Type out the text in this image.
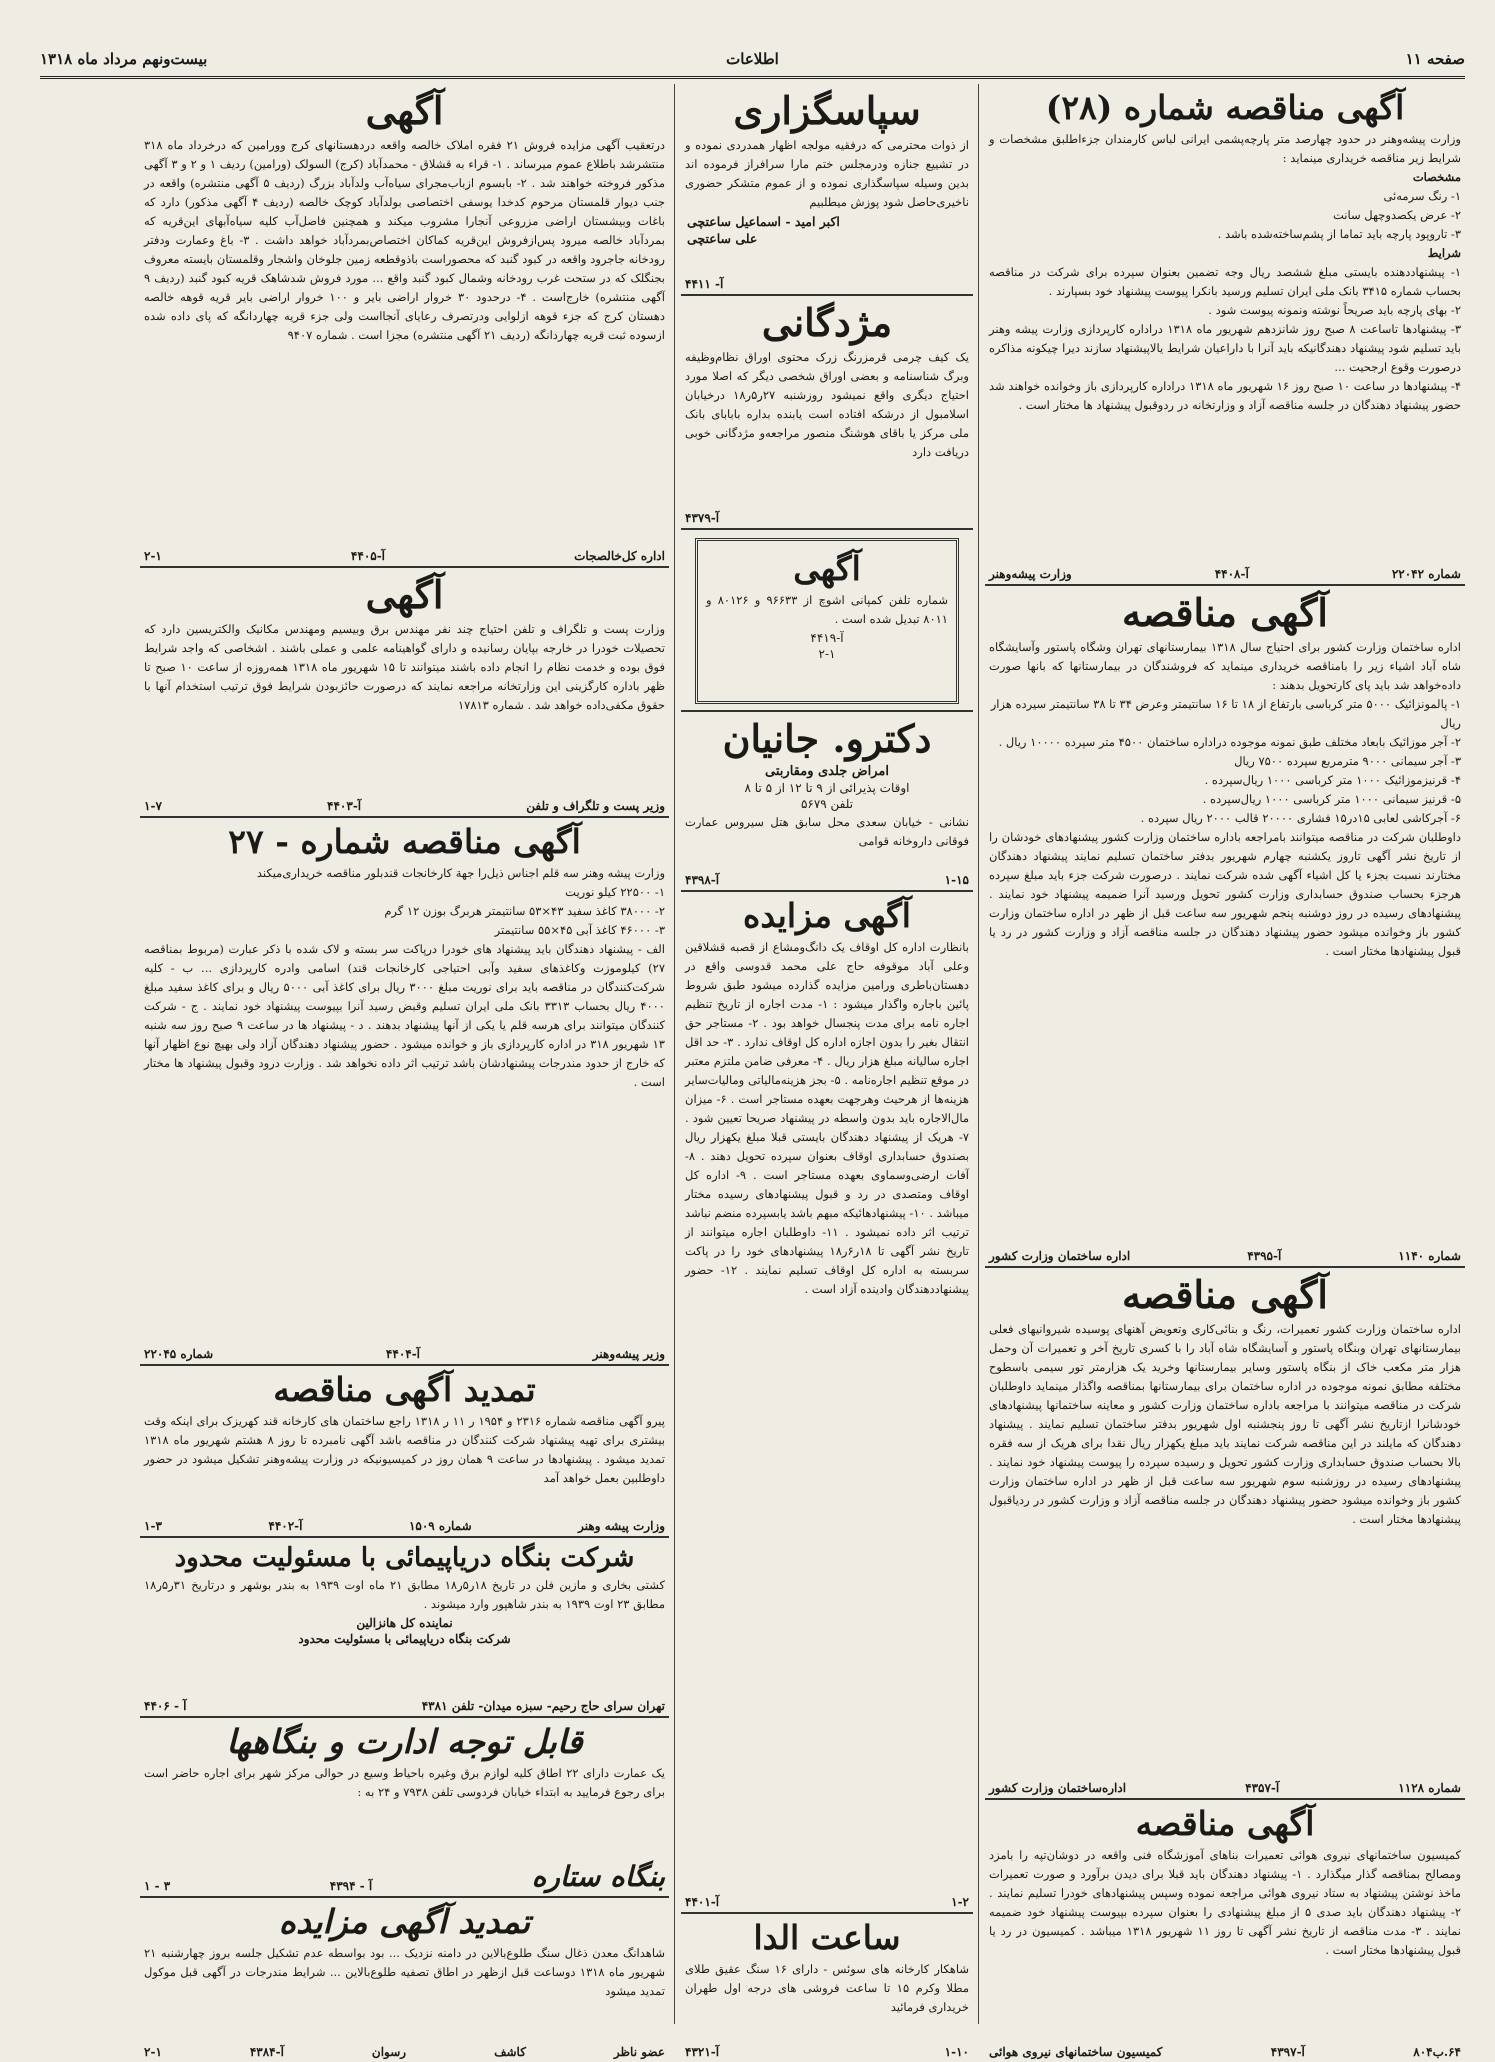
صفحه ۱۱
اطلاعات
بیست‌ونهم مرداد ماه ۱۳۱۸
آگهی مناقصه شماره (۲۸)

وزارت پیشه‌وهنر در حدود چهارصد متر پارچه‌پشمی ایرانی لباس کارمندان جزءاطلبق مشخصات و شرایط زیر مناقصه خریداری مینماید :

مشخصات
۱- رنگ سرمه‌ئی
۲- عرض یکصدوچهل سانت
۳- تاروپود پارچه باید تماما از پشم‌ساخته‌شده باشد .
شرایط

۱- پیشنهاددهنده بایستی مبلغ ششصد ریال وجه تضمین بعنوان سپرده برای شرکت در مناقصه بحساب شماره ۳۴۱۵ بانک ملی ایران تسلیم ورسید بانکرا پیوست پیشنهاد خود بسپارند .

۲- بهای پارچه باید صریحاً نوشته ونمونه پیوست شود .

۳- پیشنهادها تاساعت ۸ صبح روز شانزدهم شهریور ماه ۱۳۱۸ دراداره کارپردازی وزارت پیشه وهنر باید تسلیم شود پیشنهاد دهندگانیکه باید آنرا با داراعیان شرایط یالاپیشنهاد سازند دیرا چیکونه مذاکره درصورت وقوع ارجحیت ...

۴- پیشنهادها در ساعت ۱۰ صبح روز ۱۶ شهریور ماه ۱۳۱۸ دراداره کارپردازی باز وخوانده خواهند شد حضور پیشنهاد دهندگان در جلسه مناقصه آزاد و وزارتخانه در ردوقبول پیشنهاد ها مختار است .

شماره ۲۲۰۴۲
آ-۴۴۰۸
وزارت پیشه‌وهنر
آگهی مناقصه

اداره ساختمان وزارت کشور برای احتیاج سال ۱۳۱۸ بیمارستانهای تهران وشگاه پاستور وآسایشگاه شاه آباد اشیاء زیر را بامناقصه خریداری مینماید که فروشندگان در بیمارستانها که بانها صورت داده‌خواهد شد باید پای کارتحویل بدهند :

۱- پالمونزائیک ۵۰۰۰ متر کرباسی بارتفاع از ۱۸ تا ۱۶ سانتیمتر وعرض ۳۴ تا ۳۸ سانتیمتر سیرده هزار ریال
۲- آجر موزائیک بابعاد مختلف طبق نمونه موجوده دراداره ساختمان ۴۵۰۰ متر سپرده ۱۰۰۰۰ ریال .
۳- آجر سیمانی ۹۰۰۰ مترمربع سپرده ۷۵۰۰ ریال
۴- قرنیزموزائیک ۱۰۰۰ متر کرباسی ۱۰۰۰ ریال‌سپرده .
۵- قرنیز سیمانی ۱۰۰۰ متر کرباسی ۱۰۰۰ ریال‌سپرده .
۶- آجرکاشی لعابی ۱۵در۱۵ فشاری ۲۰۰۰۰ قالب ۲۰۰۰ ریال سپرده .

داوطلبان شرکت در مناقصه میتوانند بامراجعه باداره ساختمان وزارت کشور پیشنهادهای خودشان را از تاریخ نشر آگهی تاروز یکشنبه چهارم شهریور بدفتر ساختمان تسلیم نمایند پیشنهاد دهندگان مختارند نسبت بجزء یا کل اشیاء آگهی شده شرکت نمایند . درصورت شرکت جزء باید مبلغ سپرده هرجزء بحساب صندوق حسابداری وزارت کشور تحویل ورسید آنرا ضمیمه پیشنهاد خود نمایند . پیشنهادهای رسیده در روز دوشنبه پنجم شهریور سه ساعت قبل از ظهر در اداره ساختمان وزارت کشور باز وخوانده میشود حضور پیشنهاد دهندگان در جلسه مناقصه آزاد و وزارت کشور در رد یا قبول پیشنهادها مختار است .

شماره ۱۱۴۰
آ-۴۳۹۵
اداره ساختمان وزارت کشور
آگهی مناقصه

اداره ساختمان وزارت کشور تعمیرات، رنگ و بنائی‌کاری وتعویض آهنهای پوسیده شیروانیهای فعلی بیمارستانهای تهران وبنگاه پاستور و آسایشگاه شاه آباد را با کسری تاریخ آخر و تعمیرات آن وحمل هزار متر مکعب خاک از بنگاه پاستور وسایر بیمارستانها وخرید یک هزارمتر تور سیمی باسطوح مختلفه مطابق نمونه موجوده در اداره ساختمان برای بیمارستانها بمناقصه واگذار مینماید داوطلبان شرکت در مناقصه میتوانند با مراجعه باداره ساختمان وزارت کشور و معاینه ساختمانها پیشنهادهای خودشانرا ازتاریخ نشر آگهی تا روز پنجشنبه اول شهریور بدفتر ساختمان تسلیم نمایند . پیشنهاد دهندگان که مایلند در این مناقصه شرکت نمایند باید مبلغ یکهزار ریال نقدا برای هریک از سه فقره بالا بحساب صندوق حسابداری وزارت کشور تحویل و رسیده سپرده را پیوست پیشنهاد خود نمایند . پیشنهادهای رسیده در روزشنبه سوم شهریور سه ساعت قبل از ظهر در اداره ساختمان وزارت کشور باز وخوانده میشود حضور پیشنهاد دهندگان در جلسه مناقصه آزاد و وزارت کشور در ردیاقبول پیشنهادها مختار است .

شماره ۱۱۲۸
آ-۴۳۵۷
اداره‌ساختمان وزارت کشور
آگهی مناقصه

کمیسیون ساختمانهای نیروی هوائی تعمیرات بناهای آموزشگاه فنی واقعه در دوشان‌تپه را بامزد ومصالح بمناقصه گذار میگذارد . ۱- پیشنهاد دهندگان باید قبلا برای دیدن برآورد و صورت تعمیرات ماخذ نوشتن پیشنهاد به ستاد نیروی هوائی مراجعه نموده وسپس پیشنهادهای خودرا تسلیم نمایند . ۲- پیشنهاد دهندگان باید صدی ۵ از مبلغ پیشنهادی را بعنوان سپرده بپیوست پیشنهاد خود ضمیمه نمایند . ۳- مدت مناقصه از تاریخ نشر آگهی تا روز ۱۱ شهریور ۱۳۱۸ میباشد . کمیسیون در رد یا قبول پیشنهادها مختار است .

۶۴.ب۸۰۴
آ-۴۳۹۷
کمیسیون ساختمانهای نیروی هوائی
سپاسگزاری

از ذوات محترمی که درفقیه مولجه اظهار همدردی نموده و در تشییع جنازه ودرمجلس ختم مارا سرافراز فرموده اند بدین وسیله سپاسگذاری نموده و از عموم متشکر حضوری ناخیری‌حاصل شود پوزش میطلبیم

اکبر امید - اسماعیل ساعتچی
علی ساعتچی
آ- ۴۴۱۱
مژدگانی

یک کیف چرمی قرمزرنگ زرک محتوی اوراق نظام‌وظیفه وبرگ شناسنامه و بعضی اوراق شخصی دیگر که اصلا مورد احتیاج دیگری واقع نمیشود روزشنبه ۲۷ر۵ر۱۸ درخیابان اسلامبول از درشکه افتاده است یابنده بداره بابابای بانک ملی مرکز یا باقای هوشنگ منصور مراجعه‌و مژدگانی خوبی دریافت دارد

آ-۴۳۷۹
آگهی

شماره تلفن کمپانی اشوچ از ۹۶۶۳۳ و ۸۰۱۲۶ و ۸۰۱۱ تبدیل شده است .

آ-۴۴۱۹
۲-۱
دکترو. جانیان
امراض جلدی ومقاربتی
اوقات پذیرائی از ۹ تا ۱۲ از ۵ تا ۸
تلفن ۵۶۷۹

نشانی - خیابان سعدی محل سابق هتل سیروس عمارت فوقانی داروخانه قوامی

۱-۱۵
آ-۴۳۹۸
آگهی مزایده

بانظارت اداره کل اوقاف یک دانگ‌ومشاع از قصبه قشلاقین وعلی آباد موقوفه حاج علی محمد قدوسی واقع در دهستان‌باطری ورامین مزایده گذارده میشود طبق شروط پائین باجاره واگذار میشود : ۱- مدت اجاره از تاریخ تنظیم اجاره نامه برای مدت پنجسال خواهد بود . ۲- مستاجر حق انتقال بغیر را بدون اجازه اداره کل اوقاف ندارد . ۳- حد اقل اجاره سالیانه مبلغ هزار ریال . ۴- معرفی ضامن ملتزم معتبر در موقع تنظیم اجاره‌نامه . ۵- بجز هزینه‌مالیاتی ومالیات‌سایر هزینه‌ها از هرحیث وهرجهت بعهده مستاجر است . ۶- میزان مال‌الاجاره باید بدون واسطه در پیشنهاد صریحا تعیین شود . ۷- هریک از پیشنهاد دهندگان بایستی قبلا مبلغ یکهزار ریال بصندوق حسابداری اوقاف بعنوان سپرده تحویل دهند . ۸- آفات ارضی‌وسماوی بعهده مستاجر است . ۹- اداره کل اوقاف ومتصدی در رد و قبول پیشنهادهای رسیده مختار میباشد . ۱۰- پیشنهادهائیکه مبهم باشد یابسپرده منضم نباشد ترتیب اثر داده نمیشود . ۱۱- داوطلبان اجاره میتوانند از تاریخ نشر آگهی تا ۱۸ر۶ر۱۸ پیشنهادهای خود را در پاکت سربسته به اداره کل اوقاف تسلیم نمایند . ۱۲- حضور پیشنهاددهندگان وادینده آزاد است .

۱-۲
آ-۴۴۰۱
ساعت الدا

شاهکار کارخانه های سوئس - دارای ۱۶ سنگ عقیق طلای مطلا وکرم ۱۵ تا ساعت فروشی های درجه اول طهران خریداری فرمائید

۱-۱۰
آ-۴۳۲۱
آگهی

درتعقیب آگهی مزایده فروش ۲۱ فقره املاک خالصه واقعه دردهستانهای کرج وورامین که درخرداد ماه ۳۱۸ منتشرشد باطلاع عموم میرساند . ۱- قراء به قشلاق - محمدآباد (کرج) السولک (ورامین) ردیف ۱ و ۲ و ۳ آگهی مذکور فروخته خواهند شد . ۲- بابسوم ازباب‌مجرای سیاه‌آب ولدآباد بزرگ (ردیف ۵ آگهی منتشره) واقعه در جنب دیوار قلمستان مرحوم کدخدا یوسفی اختصاصی بولدآباد کوچک خالصه (ردیف ۴ آگهی مذکور) دارد که باغات وبیشستان اراضی مزروعی آنجارا مشروب میکند و همچنین فاصل‌آب کلیه سیاه‌آبهای این‌قریه که بمردآباد خالصه میرود پس‌ازفروش این‌قریه کماکان اختصاص‌بمردآباد خواهد داشت . ۳- باغ وعمارت ودفتر رودخانه جاجرود واقعه در کبود گنبد که محصوراست باذوقطعه زمین جلوخان واشجار وقلمستان بایسته معروف بجنگلک که در ستحت غرب رودخانه وشمال کبود گنبد واقع ... مورد فروش شدشاهک قریه کبود گنبد (ردیف ۹ آگهی منتشره) خارج‌است . ۴- درحدود ۳۰ خروار اراضی بایر و ۱۰۰ خروار اراضی بایر قریه قوهه خالصه دهستان کرج که جزء قوهه ازلوایی ودرتصرف رعایای آنجااست ولی جزء قریه چهاردانگه که پای داده شده ازسوده ثبت قریه چهاردانگه (ردیف ۲۱ آگهی منتشره) مجزا است . شماره ۹۴۰۷

اداره کل‌خالصجات
آ-۴۴۰۵
۲-۱
آگهی

وزارت پست و تلگراف و تلفن احتیاج چند نفر مهندس برق وبیسیم ومهندس مکانیک والکتریسین دارد که تحصیلات خودرا در خارجه بپایان رسانیده و دارای گواهینامه علمی و عملی باشند . اشخاصی که واجد شرایط فوق بوده و خدمت نظام را انجام داده باشند میتوانند تا ۱۵ شهریور ماه ۱۳۱۸ همه‌روزه از ساعت ۱۰ صبح تا ظهر باداره کارگزینی این وزارتخانه مراجعه نمایند که درصورت حائزبودن شرایط فوق ترتیب استخدام آنها با حقوق مکفی‌داده خواهد شد . شماره ۱۷۸۱۳

وزیر پست و تلگراف و تلفن
آ-۴۴۰۳
۱-۷
آگهی مناقصه شماره - ۲۷

وزارت پیشه وهنر سه قلم اجناس ذیل‌را جهة کارخانجات قندبلور مناقصه خریداری‌میکند

۱- ۲۲۵۰۰ کیلو نوریت
۲- ۳۸۰۰۰ کاغذ سفید ۴۳×۵۳ سانتیمتر هربرگ بوزن ۱۲ گرم
۳- ۴۶۰۰۰ کاغذ آبی ۴۵×۵۵ سانتیمتر

الف - پیشنهاد دهندگان باید پیشنهاد های خودرا درپاکت سر بسته و لاک شده با ذکر عبارت (مربوط بمناقصه ۲۷) کیلوموزت وکاغذهای سفید وآبی احتیاجی کارخانجات قند) اسامی وادره کارپردازی ... ب - کلیه شرکت‌کنندگان در مناقصه باید برای نوریت مبلغ ۳۰۰۰ ریال برای کاغذ آبی ۵۰۰۰ ریال و برای کاغذ سفید مبلغ ۴۰۰۰ ریال بحساب ۳۳۱۳ بانک ملی ایران تسلیم وقبض رسید آنرا بپیوست پیشنهاد خود نمایند . ج - شرکت کنندگان میتوانند برای هرسه قلم یا یکی از آنها پیشنهاد بدهند . د - پیشنهاد ها در ساعت ۹ صبح روز سه شنبه ۱۳ شهریور ۳۱۸ در اداره کارپردازی باز و خوانده میشود . حضور پیشنهاد دهندگان آزاد ولی بهیچ نوع اظهار آنها که خارج از حدود مندرجات پیشنهادشان باشد ترتیب اثر داده نخواهد شد . وزارت درود وقبول پیشنهاد ها مختار است .

وزیر پیشه‌وهنر
آ-۴۴۰۴
شماره ۲۲۰۴۵
تمدید آگهی مناقصه

پیرو آگهی مناقصه شماره ۲۳۱۶ و ۱۹۵۴ ر ۱۱ ر ۱۳۱۸ راجع ساختمان های کارخانه قند کهریزک برای اینکه وقت بیشتری برای تهیه پیشنهاد شرکت کنندگان در مناقصه باشد آگهی نامبرده تا روز ۸ هشتم شهریور ماه ۱۳۱۸ تمدید میشود . پیشنهاد‌ها در ساعت ۹ همان روز در کمیسیونیکه در وزارت پیشه‌وهنر تشکیل میشود در حضور داوطلبین بعمل خواهد آمد

وزارت پیشه وهنر
شماره ۱۵۰۹
آ-۴۴۰۲
۱-۳
شرکت بنگاه دریاپیمائی با مسئولیت محدود

کشتی بخاری و مازین فلن در تاریخ ۱۸ر۵ر۱۸ مطابق ۲۱ ماه اوت ۱۹۳۹ به بندر بوشهر و درتاریخ ۳۱ر۵ر۱۸ مطابق ۲۳ اوت ۱۹۳۹ به بندر شاهپور وارد میشوند .

نماینده کل هانزالین
شرکت بنگاه دریاپیمائی با مسئولیت محدود
تهران سرای حاج رحیم- سبزه میدان- تلفن ۴۳۸۱
آ - ۴۴۰۶
قابل توجه ادارت و بنگاهها

یک عمارت دارای ۲۲ اطاق کلیه لوازم برق وغیره باحیاط وسیع در حوالی مرکز شهر برای اجاره حاضر است برای رجوع فرمایید به ابتداء خیابان فردوسی تلفن ۷۹۳۸ و ۲۴ به :

بنگاه ستاره
آ - ۴۳۹۴
۳ - ۱
تمدید آگهی مزایده

شاهدانگ معدن ذغال سنگ طلوع‌بالاین در دامنه نزدیک ... بود بواسطه عدم تشکیل جلسه بروز چهارشنبه ۲۱ شهریور ماه ۱۳۱۸ دوساعت قبل ازظهر در اطاق تصفیه طلوع‌بالاین ... شرایط مندرجات در آگهی قبل موکول تمدید میشود

عضو ناظر
کاشف
رسوان
آ-۴۳۸۴
۲-۱
